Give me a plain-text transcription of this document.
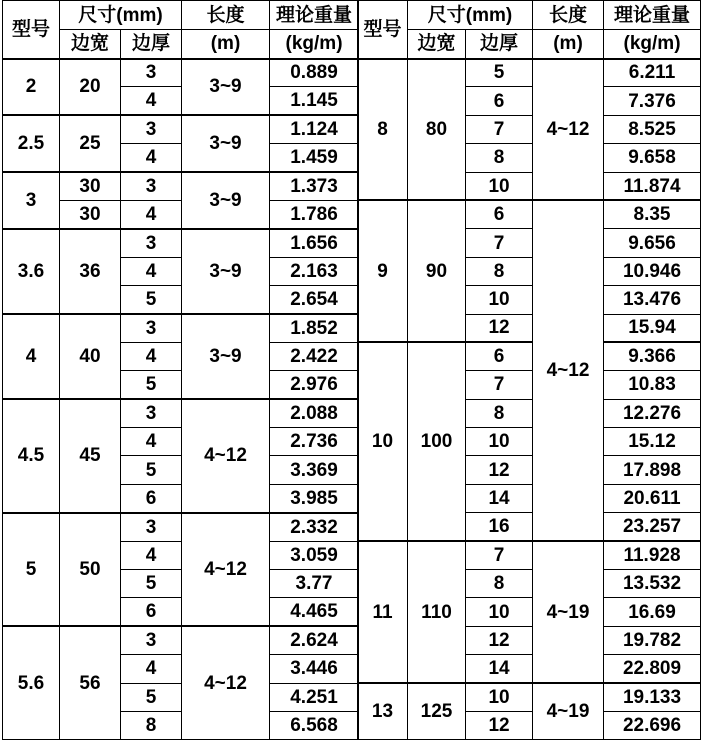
型号	尺寸(mm)		长度	理论重量
	边宽	边厚	(m)	(kg/m)
2	20	3	3~9	0.889
		4		1.145
2.5	25	3	3~9	1.124
		4		1.459
3	30	3	3~9	1.373
	30	4		1.786
3.6	36	3	3~9	1.656
		4		2.163
		5		2.654
4	40	3	3~9	1.852
		4		2.422
		5		2.976
4.5	45	3	4~12	2.088
		4		2.736
		5		3.369
		6		3.985
5	50	3	4~12	2.332
		4		3.059
		5		3.77
		6		4.465
5.6	56	3	4~12	2.624
		4		3.446
		5		4.251
		8		6.568
型号	尺寸(mm)		长度	理论重量
	边宽	边厚	(m)	(kg/m)
8	80	5	4~12	6.211
		6		7.376
		7		8.525
		8		9.658
		10		11.874
9	90	6	4~12	8.35
		7		9.656
		8		10.946
		10		13.476
		12		15.94
10	100	6		9.366
		7		10.83
		8		12.276
		10		15.12
		12		17.898
		14		20.611
		16		23.257
11	110	7	4~19	11.928
		8		13.532
		10		16.69
		12		19.782
		14		22.809
13	125	10	4~19	19.133
		12		22.696
